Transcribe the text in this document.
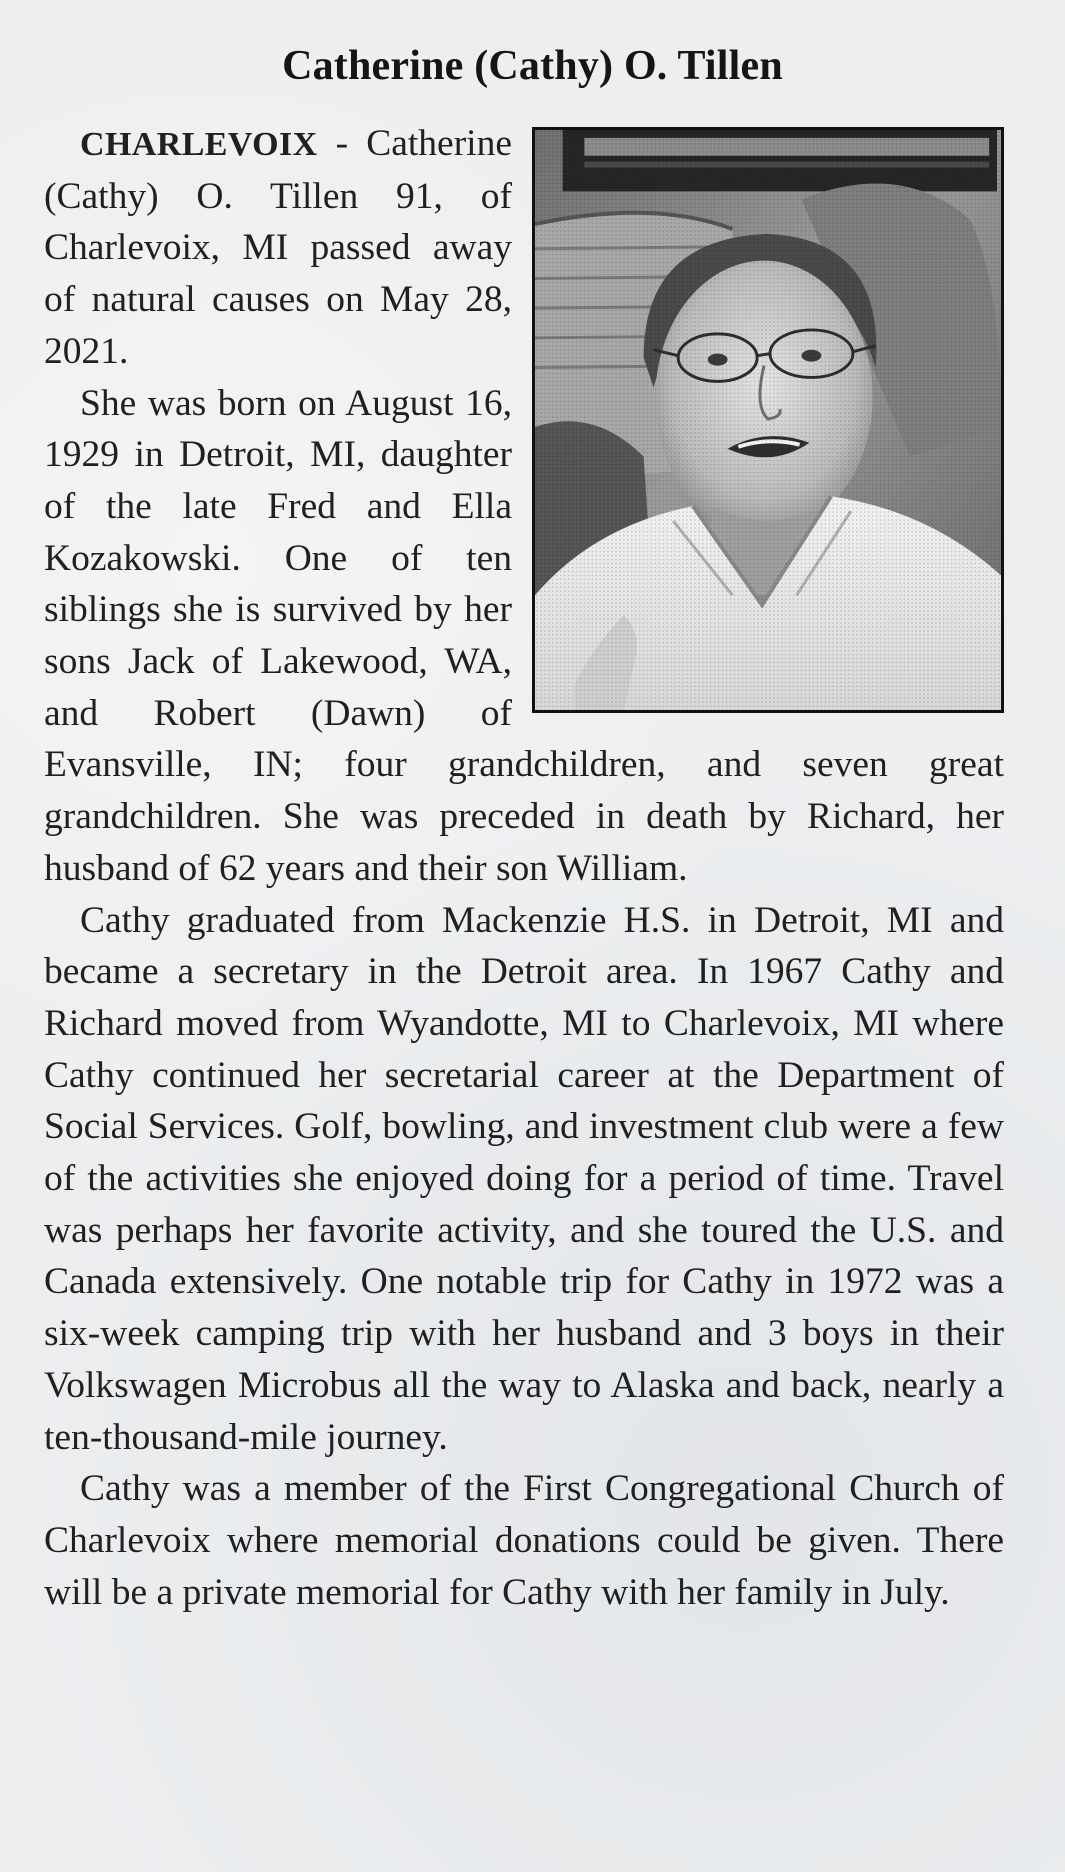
Catherine (Cathy) O. Tillen

CHARLEVOIX - Catherine (Cathy) O. Tillen 91, of Charlevoix, MI passed away of natural causes on May 28, 2021.

She was born on August 16, 1929 in Detroit, MI, daughter of the late Fred and Ella Kozakowski. One of ten siblings she is survived by her sons Jack of Lakewood, WA, and Robert (Dawn) of Evansville, IN; four grandchildren, and seven great grandchildren. She was preceded in death by Richard, her husband of 62 years and their son William.

Cathy graduated from Mackenzie H.S. in Detroit, MI and became a secretary in the Detroit area. In 1967 Cathy and Richard moved from Wyandotte, MI to Charlevoix, MI where Cathy continued her secretarial career at the Department of Social Services. Golf, bowling, and investment club were a few of the activities she enjoyed doing for a period of time. Travel was perhaps her favorite activity, and she toured the U.S. and Canada extensively. One notable trip for Cathy in 1972 was a six-week camping trip with her husband and 3 boys in their Volkswagen Microbus all the way to Alaska and back, nearly a ten-thousand-mile journey.

Cathy was a member of the First Congregational Church of Charlevoix where memorial donations could be given. There will be a private memorial for Cathy with her family in July.
